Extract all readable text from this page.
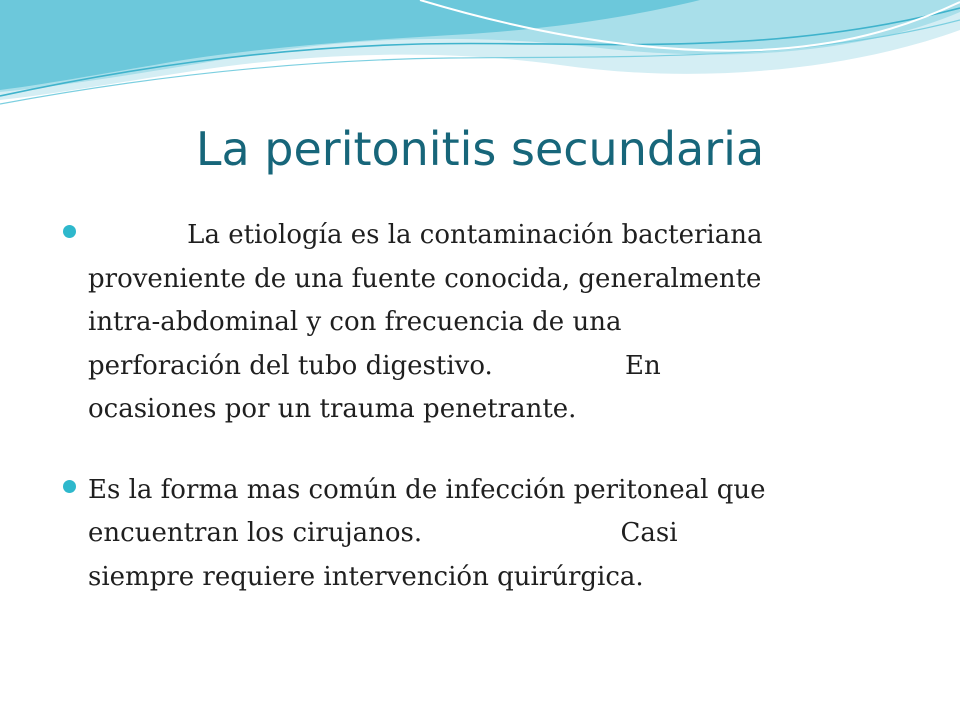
La peritonitis secundaria
La etiología es la contaminación bacteriana
proveniente de una fuente conocida, generalmente
intra-abdominal y con frecuencia de una
perforación del tubo digestivo.                En
ocasiones por un trauma penetrante.
Es la forma mas común de infección peritoneal que
encuentran los cirujanos.                        Casi
siempre requiere intervención quirúrgica.
